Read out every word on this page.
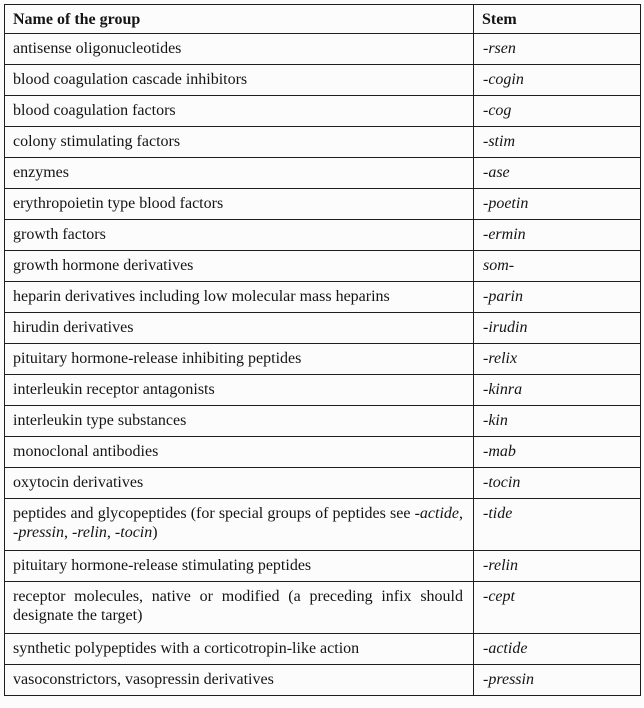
Name of the group	Stem
antisense oligonucleotides	-rsen
blood coagulation cascade inhibitors	-cogin
blood coagulation factors	-cog
colony stimulating factors	-stim
enzymes	-ase
erythropoietin type blood factors	-poetin
growth factors	-ermin
growth hormone derivatives	som-
heparin derivatives including low molecular mass heparins	-parin
hirudin derivatives	-irudin
pituitary hormone-release inhibiting peptides	-relix
interleukin receptor antagonists	-kinra
interleukin type substances	-kin
monoclonal antibodies	-mab
oxytocin derivatives	-tocin
peptides and glycopeptides (for special groups of peptides see -actide, -pressin, -relin, -tocin)	-tide
pituitary hormone-release stimulating peptides	-relin
receptor molecules, native or modified (a preceding infix should designate the target)	-cept
synthetic polypeptides with a corticotropin-like action	-actide
vasoconstrictors, vasopressin derivatives	-pressin
